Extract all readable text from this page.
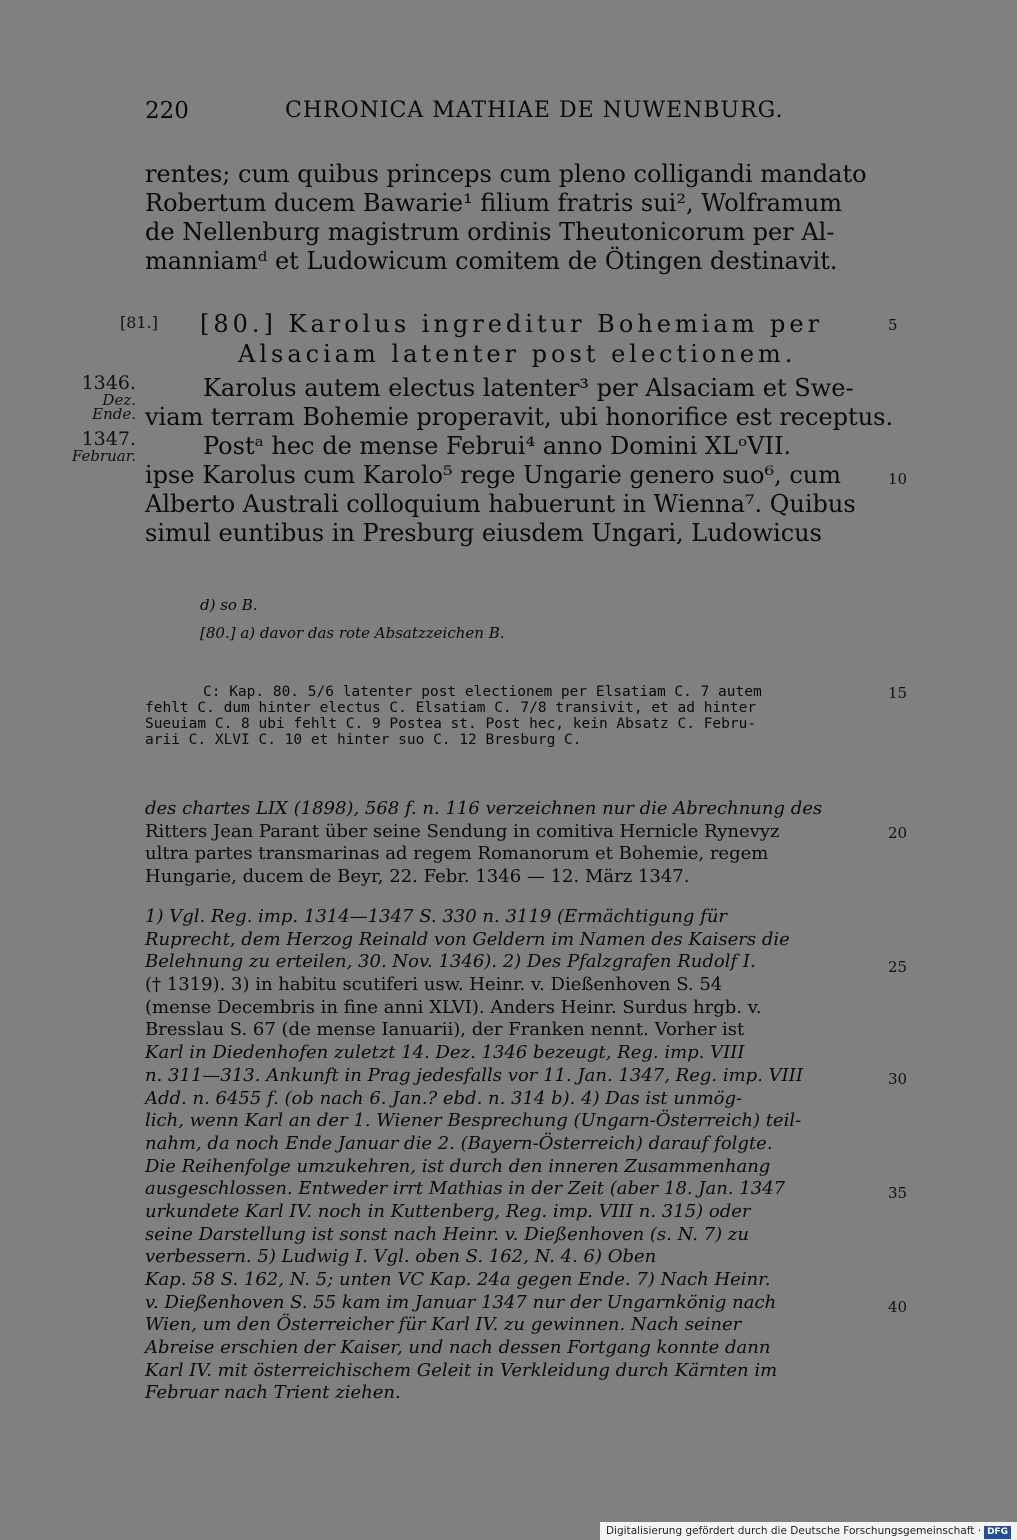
220	CHRONICA MATHIAE DE NUWENBURG.
rentes; cum quibus princeps cum pleno colligandi mandato
Robertum ducem Bawarie¹ filium fratris sui², Wolframum
de Nellenburg magistrum ordinis Theutonicorum per Al-
manniamᵈ et Ludowicum comitem de Ötingen destinavit.
[81.] [80.] Karolus ingreditur Bohemiam per
Alsaciam latenter post electionem.
1346.
Dez. Ende.
1347.
Februar.
Karolus autem electus latenter³ per Alsaciam et Swe-
viam terram Bohemie properavit, ubi honorifice est receptus.
Postᵃ hec de mense Februi⁴ anno Domini XLᵒVII.
ipse Karolus cum Karolo⁵ rege Ungarie genero suo⁶, cum
Alberto Australi colloquium habuerunt in Wienna⁷. Quibus
simul euntibus in Presburg eiusdem Ungari, Ludowicus
5
10
15
20
25
30
35
40
d) so B.
[80.] a) davor das rote Absatzzeichen B.
C: Kap. 80. 5/6 latenter post electionem per Elsatiam C. 7 autem
fehlt C. dum hinter electus C. Elsatiam C. 7/8 transivit, et ad hinter
Sueuiam C. 8 ubi fehlt C. 9 Postea st. Post hec, kein Absatz C. Febru-
arii C. XLVI C. 10 et hinter suo C. 12 Bresburg C.
des chartes LIX (1898), 568 f. n. 116 verzeichnen nur die Abrechnung des
Ritters Jean Parant über seine Sendung in comitiva Hernicle Rynevyz
ultra partes transmarinas ad regem Romanorum et Bohemie, regem
Hungarie, ducem de Beyr, 22. Febr. 1346 — 12. März 1347.
1) Vgl. Reg. imp. 1314—1347 S. 330 n. 3119 (Ermächtigung für
Ruprecht, dem Herzog Reinald von Geldern im Namen des Kaisers die
Belehnung zu erteilen, 30. Nov. 1346). 2) Des Pfalzgrafen Rudolf I.
(† 1319). 3) in habitu scutiferi usw. Heinr. v. Dießenhoven S. 54
(mense Decembris in fine anni XLVI). Anders Heinr. Surdus hrgb. v.
Bresslau S. 67 (de mense Ianuarii), der Franken nennt. Vorher ist
Karl in Diedenhofen zuletzt 14. Dez. 1346 bezeugt, Reg. imp. VIII
n. 311—313. Ankunft in Prag jedesfalls vor 11. Jan. 1347, Reg. imp. VIII
Add. n. 6455 f. (ob nach 6. Jan.? ebd. n. 314 b). 4) Das ist unmög-
lich, wenn Karl an der 1. Wiener Besprechung (Ungarn-Österreich) teil-
nahm, da noch Ende Januar die 2. (Bayern-Österreich) darauf folgte.
Die Reihenfolge umzukehren, ist durch den inneren Zusammenhang
ausgeschlossen. Entweder irrt Mathias in der Zeit (aber 18. Jan. 1347
urkundete Karl IV. noch in Kuttenberg, Reg. imp. VIII n. 315) oder
seine Darstellung ist sonst nach Heinr. v. Dießenhoven (s. N. 7) zu
verbessern. 5) Ludwig I. Vgl. oben S. 162, N. 4. 6) Oben
Kap. 58 S. 162, N. 5; unten VC Kap. 24a gegen Ende. 7) Nach Heinr.
v. Dießenhoven S. 55 kam im Januar 1347 nur der Ungarnkönig nach
Wien, um den Österreicher für Karl IV. zu gewinnen. Nach seiner
Abreise erschien der Kaiser, und nach dessen Fortgang konnte dann
Karl IV. mit österreichischem Geleit in Verkleidung durch Kärnten im
Februar nach Trient ziehen.
Digitalisierung gefördert durch die Deutsche Forschungsgemeinschaft · DFG
